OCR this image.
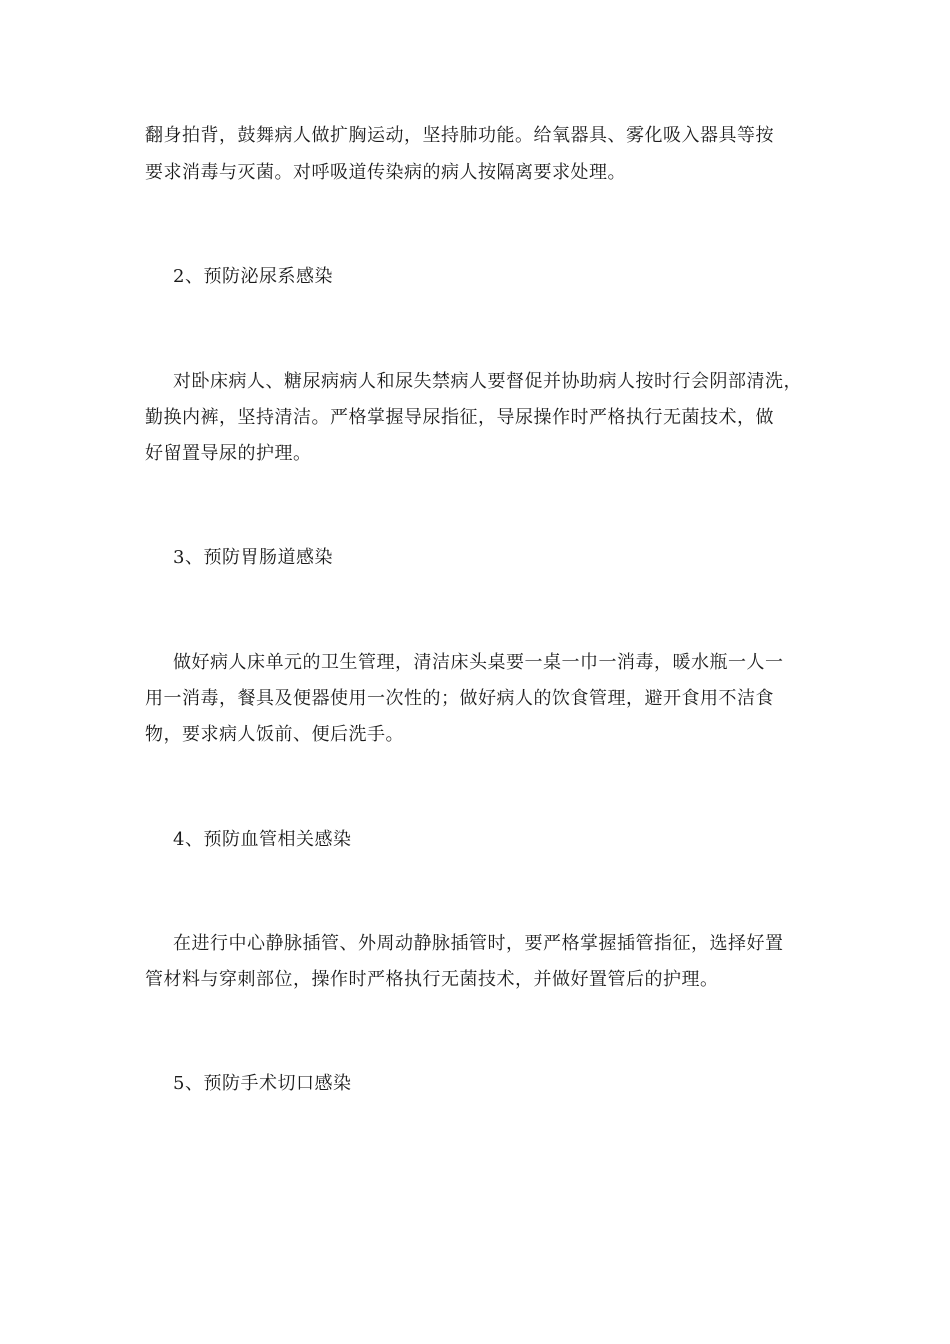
翻身拍背，鼓舞病人做扩胸运动，坚持肺功能。给氧器具、雾化吸入器具等按
要求消毒与灭菌。对呼吸道传染病的病人按隔离要求处理。
2、预防泌尿系感染
对卧床病人、糖尿病病人和尿失禁病人要督促并协助病人按时行会阴部清洗，
勤换内裤，坚持清洁。严格掌握导尿指征，导尿操作时严格执行无菌技术，做
好留置导尿的护理。
3、预防胃肠道感染
做好病人床单元的卫生管理，清洁床头桌要一桌一巾一消毒，暖水瓶一人一
用一消毒，餐具及便器使用一次性的；做好病人的饮食管理，避开食用不洁食
物，要求病人饭前、便后洗手。
4、预防血管相关感染
在进行中心静脉插管、外周动静脉插管时，要严格掌握插管指征，选择好置
管材料与穿刺部位，操作时严格执行无菌技术，并做好置管后的护理。
5、预防手术切口感染
